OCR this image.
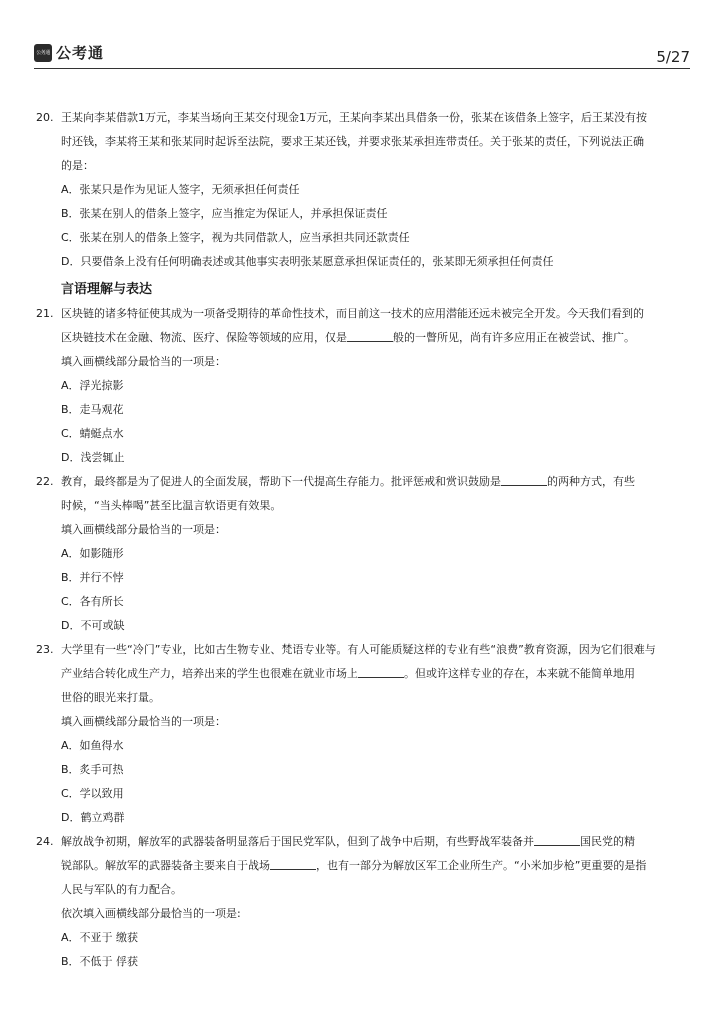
公务通 公考通	5/27
20. 王某向李某借款1万元，李某当场向王某交付现金1万元，王某向李某出具借条一份，张某在该借条上签字，后王某没有按
时还钱，李某将王某和张某同时起诉至法院，要求王某还钱，并要求张某承担连带责任。关于张某的责任，下列说法正确
的是：
A．张某只是作为见证人签字，无须承担任何责任
B．张某在别人的借条上签字，应当推定为保证人，并承担保证责任
C．张某在别人的借条上签字，视为共同借款人，应当承担共同还款责任
D．只要借条上没有任何明确表述或其他事实表明张某愿意承担保证责任的，张某即无须承担任何责任
言语理解与表达
21. 区块链的诸多特征使其成为一项备受期待的革命性技术，而目前这一技术的应用潜能还远未被完全开发。今天我们看到的
区块链技术在金融、物流、医疗、保险等领域的应用，仅是	般的一瞥所见，尚有许多应用正在被尝试、推广。
填入画横线部分最恰当的一项是：
A．浮光掠影
B．走马观花
C．蜻蜓点水
D．浅尝辄止
22. 教育，最终都是为了促进人的全面发展，帮助下一代提高生存能力。批评惩戒和赏识鼓励是	的两种方式，有些
时候，“当头棒喝”甚至比温言软语更有效果。
填入画横线部分最恰当的一项是：
A．如影随形
B．并行不悖
C．各有所长
D．不可或缺
23. 大学里有一些“冷门”专业，比如古生物专业、梵语专业等。有人可能质疑这样的专业有些“浪费”教育资源，因为它们很难与
产业结合转化成生产力，培养出来的学生也很难在就业市场上	。但或许这样专业的存在，本来就不能简单地用
世俗的眼光来打量。
填入画横线部分最恰当的一项是：
A．如鱼得水
B．炙手可热
C．学以致用
D．鹤立鸡群
24. 解放战争初期，解放军的武器装备明显落后于国民党军队，但到了战争中后期，有些野战军装备并	国民党的精
锐部队。解放军的武器装备主要来自于战场	，也有一部分为解放区军工企业所生产。“小米加步枪”更重要的是指
人民与军队的有力配合。
依次填入画横线部分最恰当的一项是:
A．不亚于 缴获
B．不低于 俘获
